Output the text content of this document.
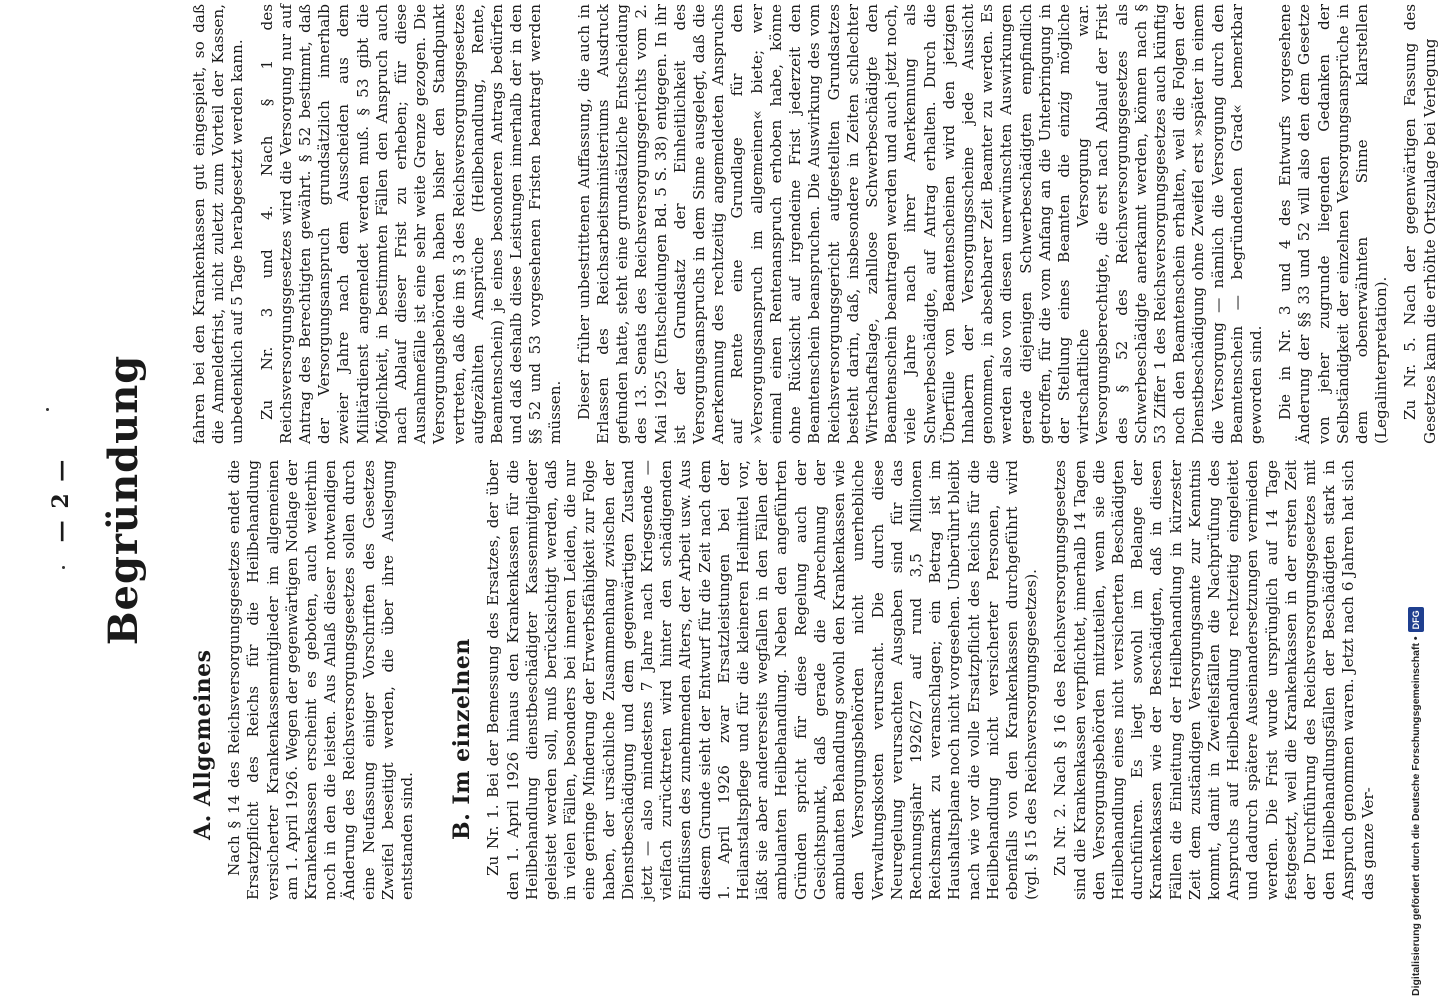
— 2 — Begründung
A. Allgemeines Nach § 14 des Reichsversorgungsgesetzes endet die Ersatzpflicht des Reichs für die Heilbehandlung versicherter Krankenkassenmitglieder im allgemeinen am 1. April 1926. Wegen der gegenwärtigen Notlage der Krankenkassen erscheint es geboten, auch weiterhin noch in den die leisten. Aus Anlaß dieser notwendigen Änderung des Reichsversorgungsgesetzes sollen durch eine Neufassung einiger Vorschriften des Gesetzes Zweifel beseitigt werden, die über ihre Auslegung entstanden sind. B. Im einzelnen Zu Nr. 1. Bei der Bemessung des Ersatzes, der über den 1. April 1926 hinaus den Krankenkassen für die Heilbehandlung dienstbeschädigter Kassenmitglieder geleistet werden soll, muß berücksichtigt werden, daß in vielen Fällen, besonders bei inneren Leiden, die nur eine geringe Minderung der Erwerbsfähigkeit zur Folge haben, der ursächliche Zusammenhang zwischen der Dienstbeschädigung und dem gegenwärtigen Zustand jetzt — also mindestens 7 Jahre nach Kriegsende — vielfach zurücktreten wird hinter den schädigenden Einflüssen des zunehmenden Alters, der Arbeit usw. Aus diesem Grunde sieht der Entwurf für die Zeit nach dem 1. April 1926 zwar Ersatzleistungen bei der Heilanstaltspflege und für die kleineren Heilmittel vor, läßt sie aber andererseits wegfallen in den Fällen der ambulanten Heilbehandlung. Neben den angeführten Gründen spricht für diese Regelung auch der Gesichtspunkt, daß gerade die Abrechnung der ambulanten Behandlung sowohl den Krankenkassen wie den Versorgungsbehörden nicht unerhebliche Verwaltungskosten verursacht. Die durch diese Neuregelung verursachten Ausgaben sind für das Rechnungsjahr 1926/27 auf rund 3,5 Millionen Reichsmark zu veranschlagen; ein Betrag ist im Haushaltsplane noch nicht vorgesehen. Unberührt bleibt nach wie vor die volle Ersatzpflicht des Reichs für die Heilbehandlung nicht versicherter Personen, die ebenfalls von den Krankenkassen durchgeführt wird (vgl. § 15 des Reichsversorgungsgesetzes). Zu Nr. 2. Nach § 16 des Reichsversorgungsgesetzes sind die Krankenkassen verpflichtet, innerhalb 14 Tagen den Versorgungsbehörden mitzuteilen, wenn sie die Heilbehandlung eines nicht versicherten Beschädigten durchführen. Es liegt sowohl im Belange der Krankenkassen wie der Beschädigten, daß in diesen Fällen die Einleitung der Heilbehandlung in kürzester Zeit dem zuständigen Versorgungsamte zur Kenntnis kommt, damit in Zweifelsfällen die Nachprüfung des Anspruchs auf Heilbehandlung rechtzeitig eingeleitet und dadurch spätere Auseinandersetzungen vermieden werden. Die Frist wurde ursprünglich auf 14 Tage festgesetzt, weil die Krankenkassen in der ersten Zeit der Durchführung des Reichsversorgungsgesetzes mit den Heilbehandlungsfällen der Beschädigten stark in Anspruch genommen waren. Jetzt nach 6 Jahren hat sich das ganze Ver-

fahren bei den Krankenkassen gut eingespielt, so daß die Anmeldefrist, nicht zuletzt zum Vorteil der Kassen, unbedenklich auf 5 Tage herabgesetzt werden kann. Zu Nr. 3 und 4. Nach § 1 des Reichsversorgungsgesetzes wird die Versorgung nur auf Antrag des Berechtigten gewährt. § 52 bestimmt, daß der Versorgungsanspruch grundsätzlich innerhalb zweier Jahre nach dem Ausscheiden aus dem Militärdienst angemeldet werden muß. § 53 gibt die Möglichkeit, in bestimmten Fällen den Anspruch auch nach Ablauf dieser Frist zu erheben; für diese Ausnahmefälle ist eine sehr weite Grenze gezogen. Die Versorgungsbehörden haben bisher den Standpunkt vertreten, daß die im § 3 des Reichsversorgungsgesetzes aufgezählten Ansprüche (Heilbehandlung, Rente, Beamtenschein) je eines besonderen Antrags bedürfen und daß deshalb diese Leistungen innerhalb der in den §§ 52 und 53 vorgesehenen Fristen beantragt werden müssen. Dieser früher unbestrittenen Auffassung, die auch in Erlassen des Reichsarbeitsministeriums Ausdruck gefunden hatte, steht eine grundsätzliche Entscheidung des 13. Senats des Reichsversorgungsgerichts vom 2. Mai 1925 (Entscheidungen Bd. 5 S. 38) entgegen. In ihr ist der Grundsatz der Einheitlichkeit des Versorgungsanspruchs in dem Sinne ausgelegt, daß die Anerkennung des rechtzeitig angemeldeten Anspruchs auf Rente eine Grundlage für den »Versorgungsanspruch im allgemeinen« biete; wer einmal einen Rentenanspruch erhoben habe, könne ohne Rücksicht auf irgendeine Frist jederzeit den Beamtenschein beanspruchen. Die Auswirkung des vom Reichsversorgungsgericht aufgestellten Grundsatzes besteht darin, daß, insbesondere in Zeiten schlechter Wirtschaftslage, zahllose Schwerbeschädigte den Beamtenschein beantragen werden und auch jetzt noch, viele Jahre nach ihrer Anerkennung als Schwerbeschädigte, auf Antrag erhalten. Durch die Überfülle von Beamtenscheinen wird den jetzigen Inhabern der Versorgungsscheine jede Aussicht genommen, in absehbarer Zeit Beamter zu werden. Es werden also von diesen unerwünschten Auswirkungen gerade diejenigen Schwerbeschädigten empfindlich getroffen, für die vom Anfang an die Unterbringung in der Stellung eines Beamten die einzig mögliche wirtschaftliche Versorgung war. Versorgungsberechtigte, die erst nach Ablauf der Frist des § 52 des Reichsversorgungsgesetzes als Schwerbeschädigte anerkannt werden, können nach § 53 Ziffer 1 des Reichsversorgungsgesetzes auch künftig noch den Beamtenschein erhalten, weil die Folgen der Dienstbeschädigung ohne Zweifel erst »später in einem die Versorgung — nämlich die Versorgung durch den Beamtenschein — begründenden Grad« bemerkbar geworden sind. Die in Nr. 3 und 4 des Entwurfs vorgesehene Änderung der §§ 33 und 52 will also den dem Gesetze von jeher zugrunde liegenden Gedanken der Selbständigkeit der einzelnen Versorgungsansprüche in dem obenerwähnten Sinne klarstellen (Legalinterpretation). Zu Nr. 5. Nach der gegenwärtigen Fassung des Gesetzes kann die erhöhte Ortszulage bei Verlegung

Digitalisierung gefördert durch die Deutsche Forschungsgemeinschaft •DFG
